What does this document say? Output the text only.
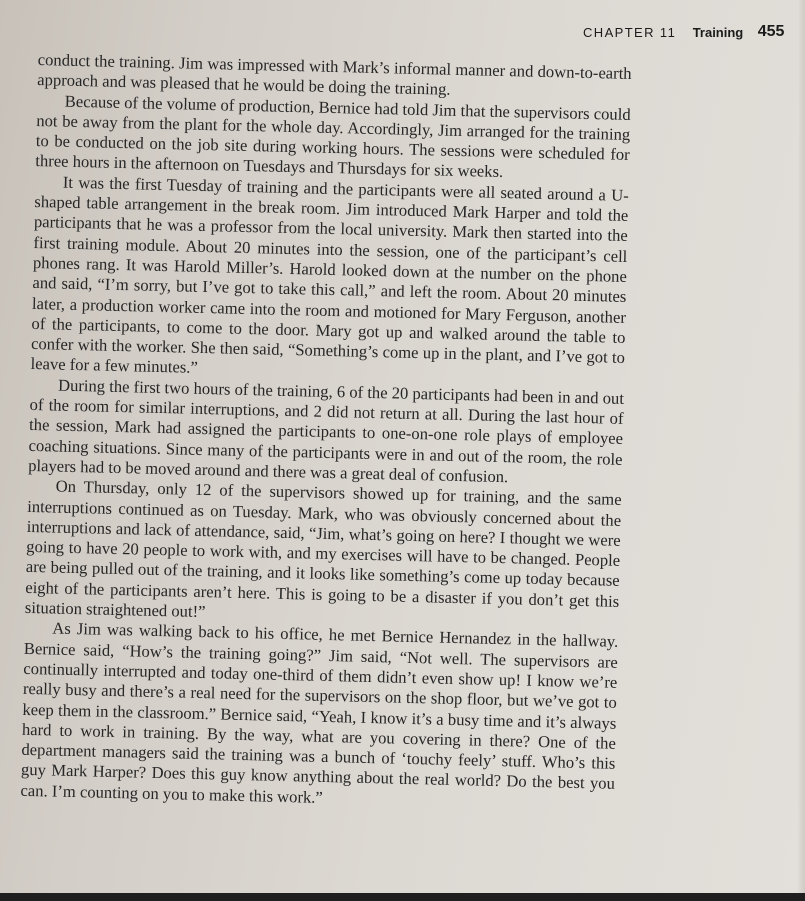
CHAPTER 11 Training 455

conduct the training. Jim was impressed with Mark’s informal manner and down-to-earth approach and was pleased that he would be doing the training.

Because of the volume of production, Bernice had told Jim that the supervisors could not be away from the plant for the whole day. Accordingly, Jim arranged for the training to be conducted on the job site during working hours. The sessions were scheduled for three hours in the afternoon on Tuesdays and Thursdays for six weeks.

It was the first Tuesday of training and the participants were all seated around a U-shaped table arrangement in the break room. Jim introduced Mark Harper and told the participants that he was a professor from the local university. Mark then started into the first training module. About 20 minutes into the session, one of the participant’s cell phones rang. It was Harold Miller’s. Harold looked down at the number on the phone and said, “I’m sorry, but I’ve got to take this call,” and left the room. About 20 minutes later, a production worker came into the room and motioned for Mary Ferguson, another of the participants, to come to the door. Mary got up and walked around the table to confer with the worker. She then said, “Something’s come up in the plant, and I’ve got to leave for a few minutes.”

During the first two hours of the training, 6 of the 20 participants had been in and out of the room for similar interruptions, and 2 did not return at all. During the last hour of the session, Mark had assigned the participants to one-on-one role plays of employee coaching situations. Since many of the participants were in and out of the room, the role players had to be moved around and there was a great deal of confusion.

On Thursday, only 12 of the supervisors showed up for training, and the same interruptions continued as on Tuesday. Mark, who was obviously concerned about the interruptions and lack of attendance, said, “Jim, what’s going on here? I thought we were going to have 20 people to work with, and my exercises will have to be changed. People are being pulled out of the training, and it looks like something’s come up today because eight of the participants aren’t here. This is going to be a disaster if you don’t get this situation straightened out!”

As Jim was walking back to his office, he met Bernice Hernandez in the hallway. Bernice said, “How’s the training going?” Jim said, “Not well. The supervisors are continually interrupted and today one-third of them didn’t even show up! I know we’re really busy and there’s a real need for the supervisors on the shop floor, but we’ve got to keep them in the classroom.” Bernice said, “Yeah, I know it’s a busy time and it’s always hard to work in training. By the way, what are you covering in there? One of the department managers said the training was a bunch of ‘touchy feely’ stuff. Who’s this guy Mark Harper? Does this guy know anything about the real world? Do the best you can. I’m counting on you to make this work.”
